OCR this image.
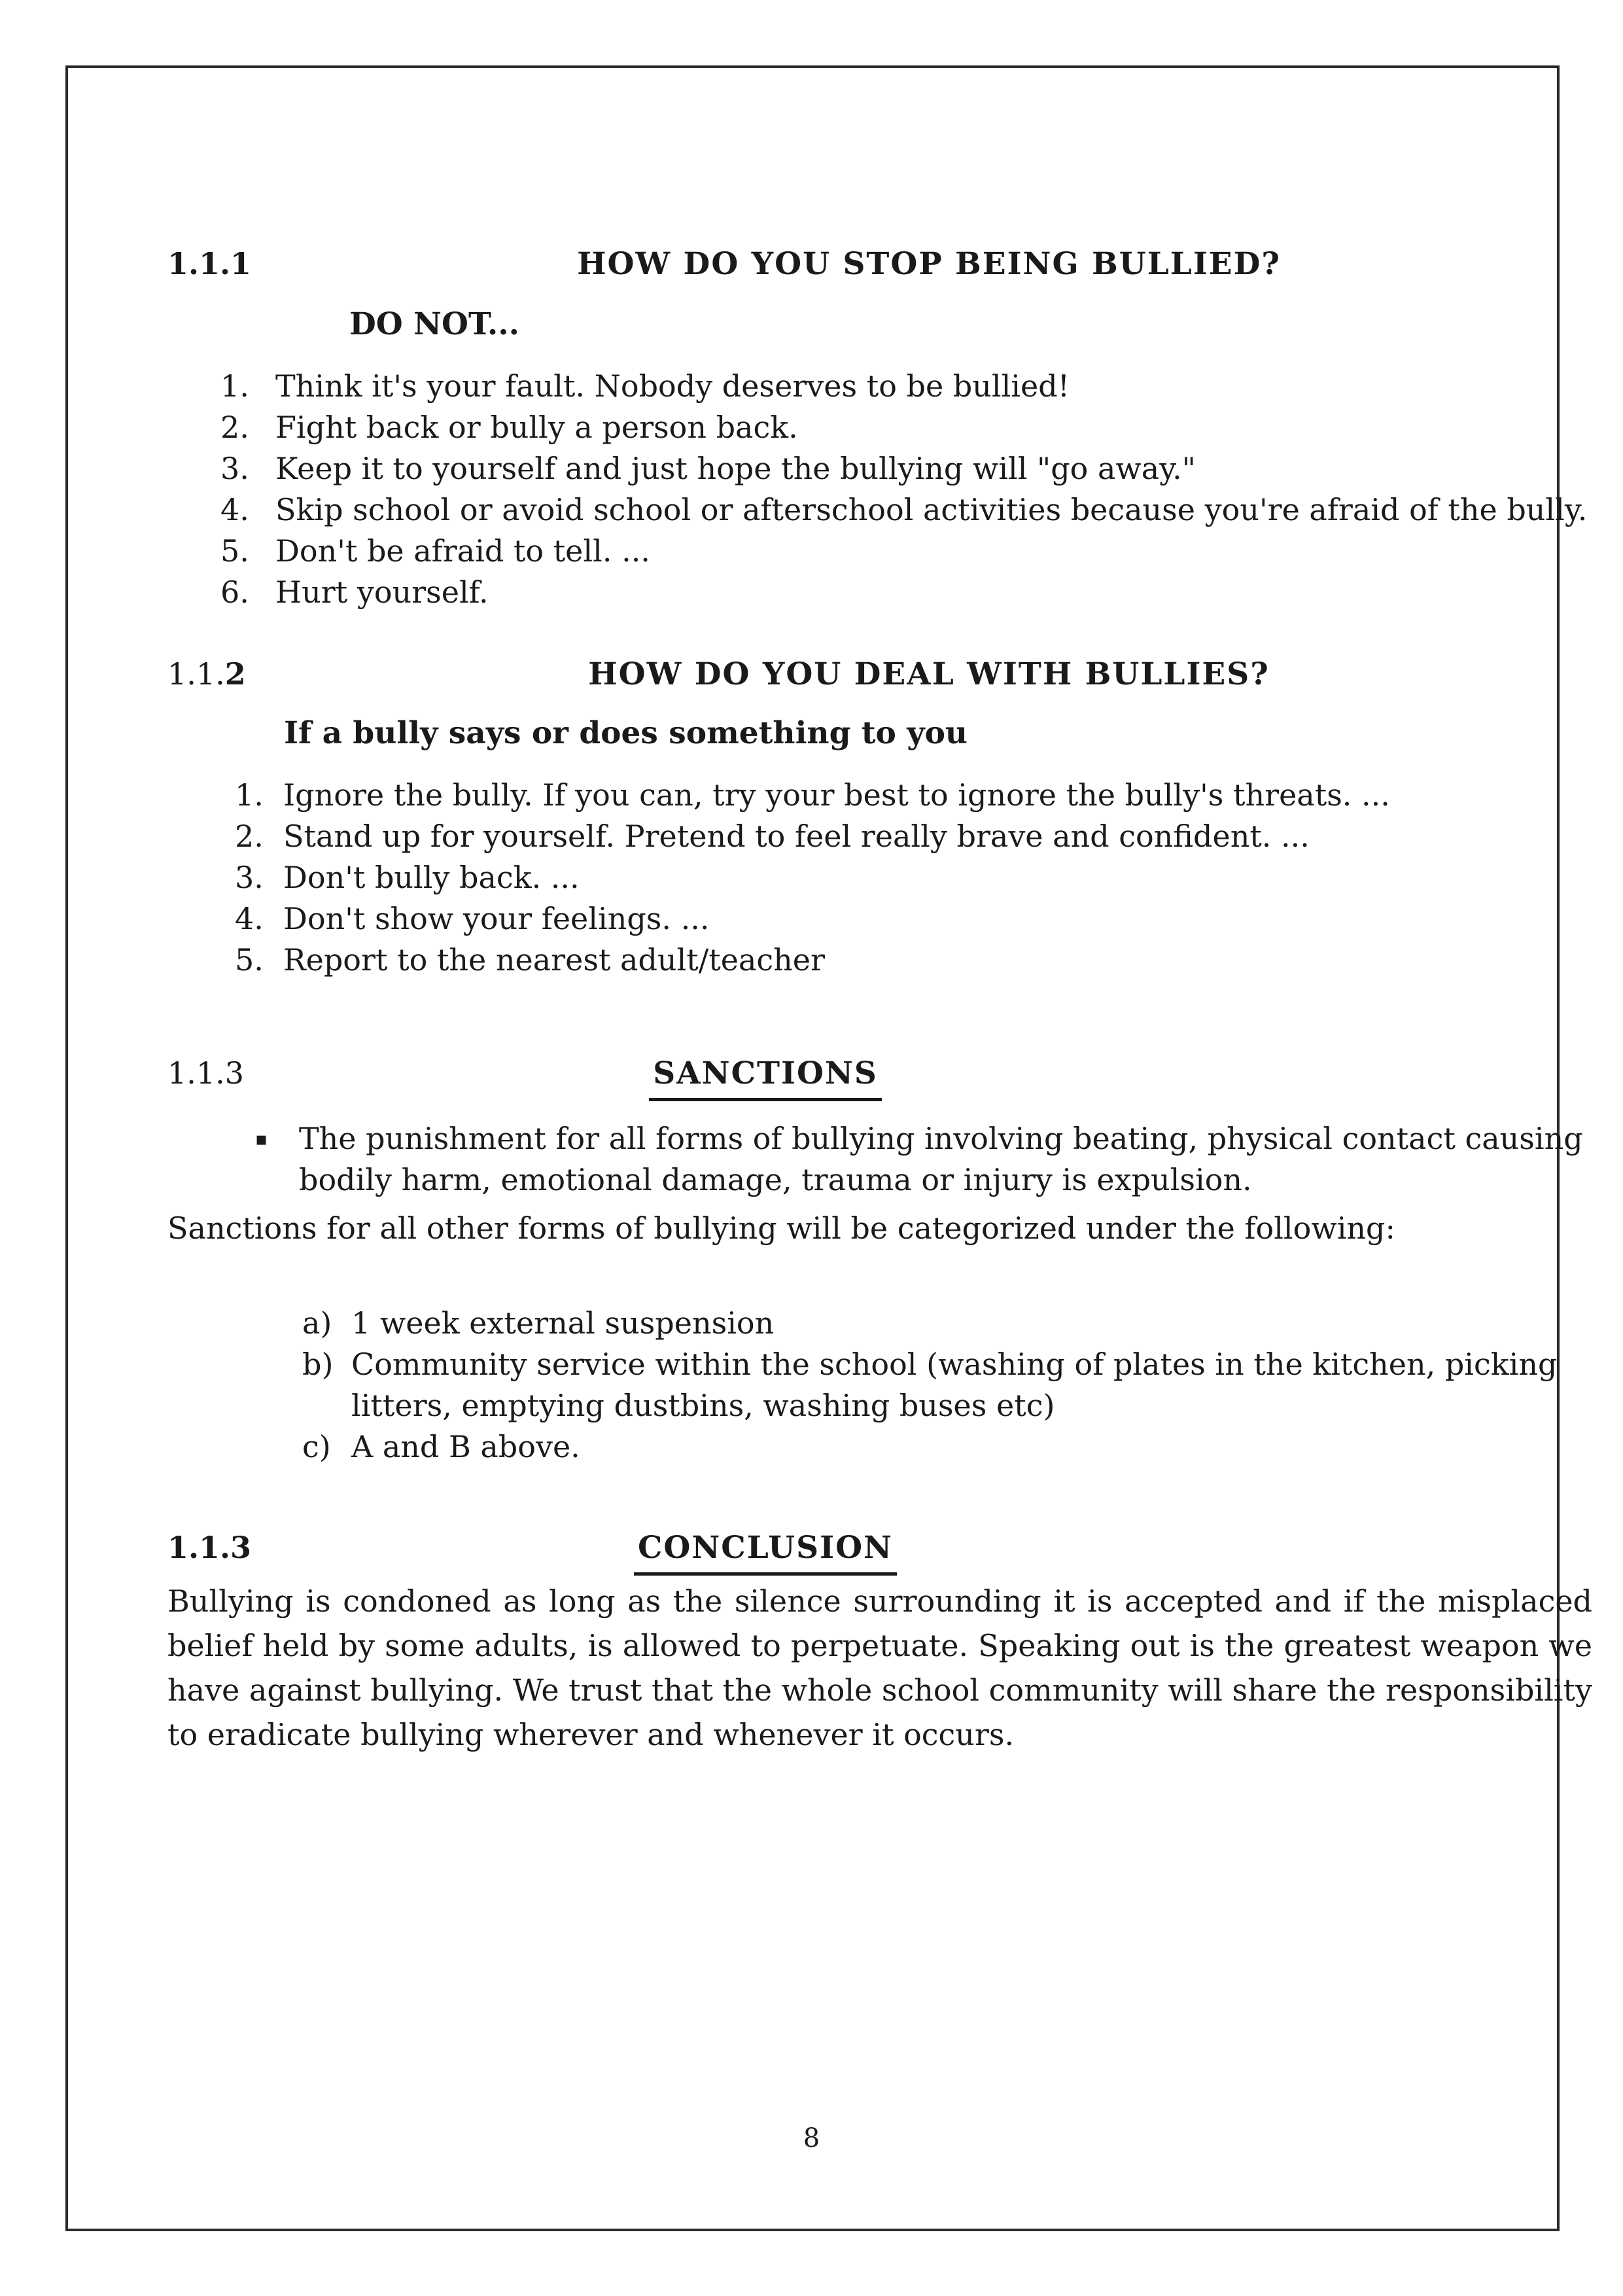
1.1.1	HOW DO YOU STOP BEING BULLIED?
DO NOT...
1. Think it's your fault. Nobody deserves to be bullied!
2. Fight back or bully a person back.
3. Keep it to yourself and just hope the bullying will "go away."
4. Skip school or avoid school or afterschool activities because you're afraid of the bully.
5. Don't be afraid to tell. ...
6. Hurt yourself.
1.1.2	HOW DO YOU DEAL WITH BULLIES?
If a bully says or does something to you
1. Ignore the bully. If you can, try your best to ignore the bully's threats. ...
2. Stand up for yourself. Pretend to feel really brave and confident. ...
3. Don't bully back. ...
4. Don't show your feelings. ...
5. Report to the nearest adult/teacher
1.1.3	SANCTIONS
▪	The punishment for all forms of bullying involving beating, physical contact causing bodily harm, emotional damage, trauma or injury is expulsion.
Sanctions for all other forms of bullying will be categorized under the following:
a) 1 week external suspension
b) Community service within the school (washing of plates in the kitchen, picking litters, emptying dustbins, washing buses etc)
c) A and B above.
1.1.3	CONCLUSION
Bullying is condoned as long as the silence surrounding it is accepted and if the misplaced belief held by some adults, is allowed to perpetuate. Speaking out is the greatest weapon we have against bullying. We trust that the whole school community will share the responsibility to eradicate bullying wherever and whenever it occurs.
8
